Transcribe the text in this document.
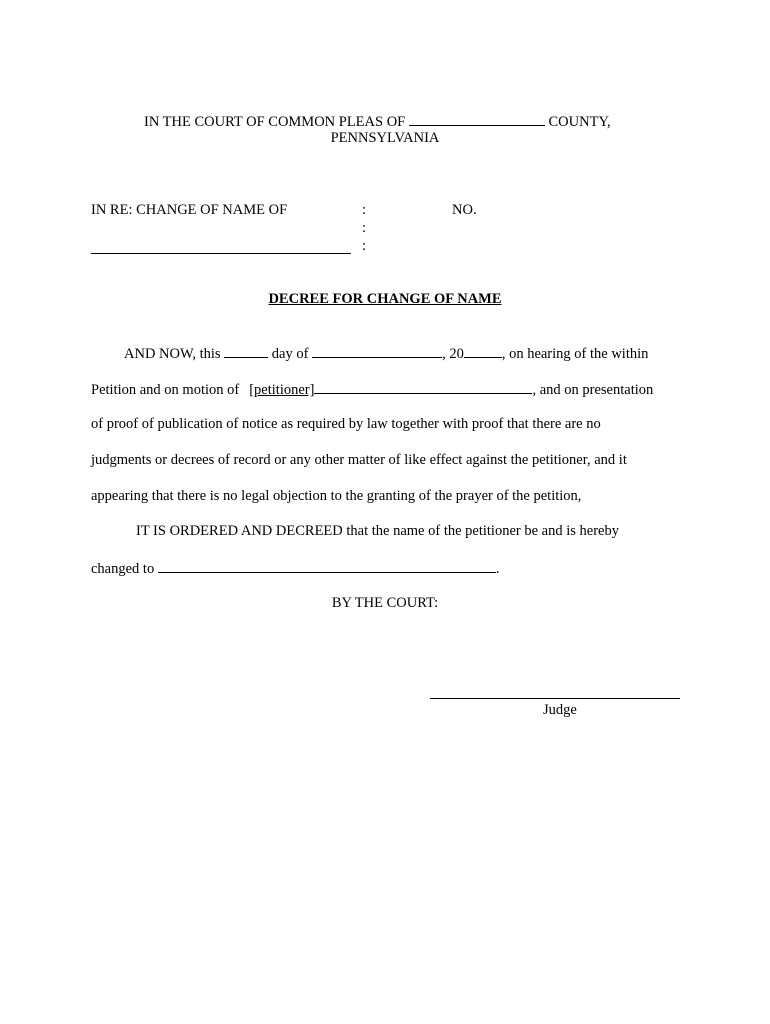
IN THE COURT OF COMMON PLEAS OF	COUNTY,
PENNSYLVANIA
IN RE: CHANGE OF NAME OF	:
:
:
NO.
DECREE FOR CHANGE OF NAME
AND NOW, this	day of	, 20	, on hearing of the within
Petition and on motion of [petitioner]	, and on presentation
of proof of publication of notice as required by law together with proof that there are no
judgments or decrees of record or any other matter of like effect against the petitioner, and it
appearing that there is no legal objection to the granting of the prayer of the petition,
IT IS ORDERED AND DECREED that the name of the petitioner be and is hereby
changed to	.
BY THE COURT:
Judge
